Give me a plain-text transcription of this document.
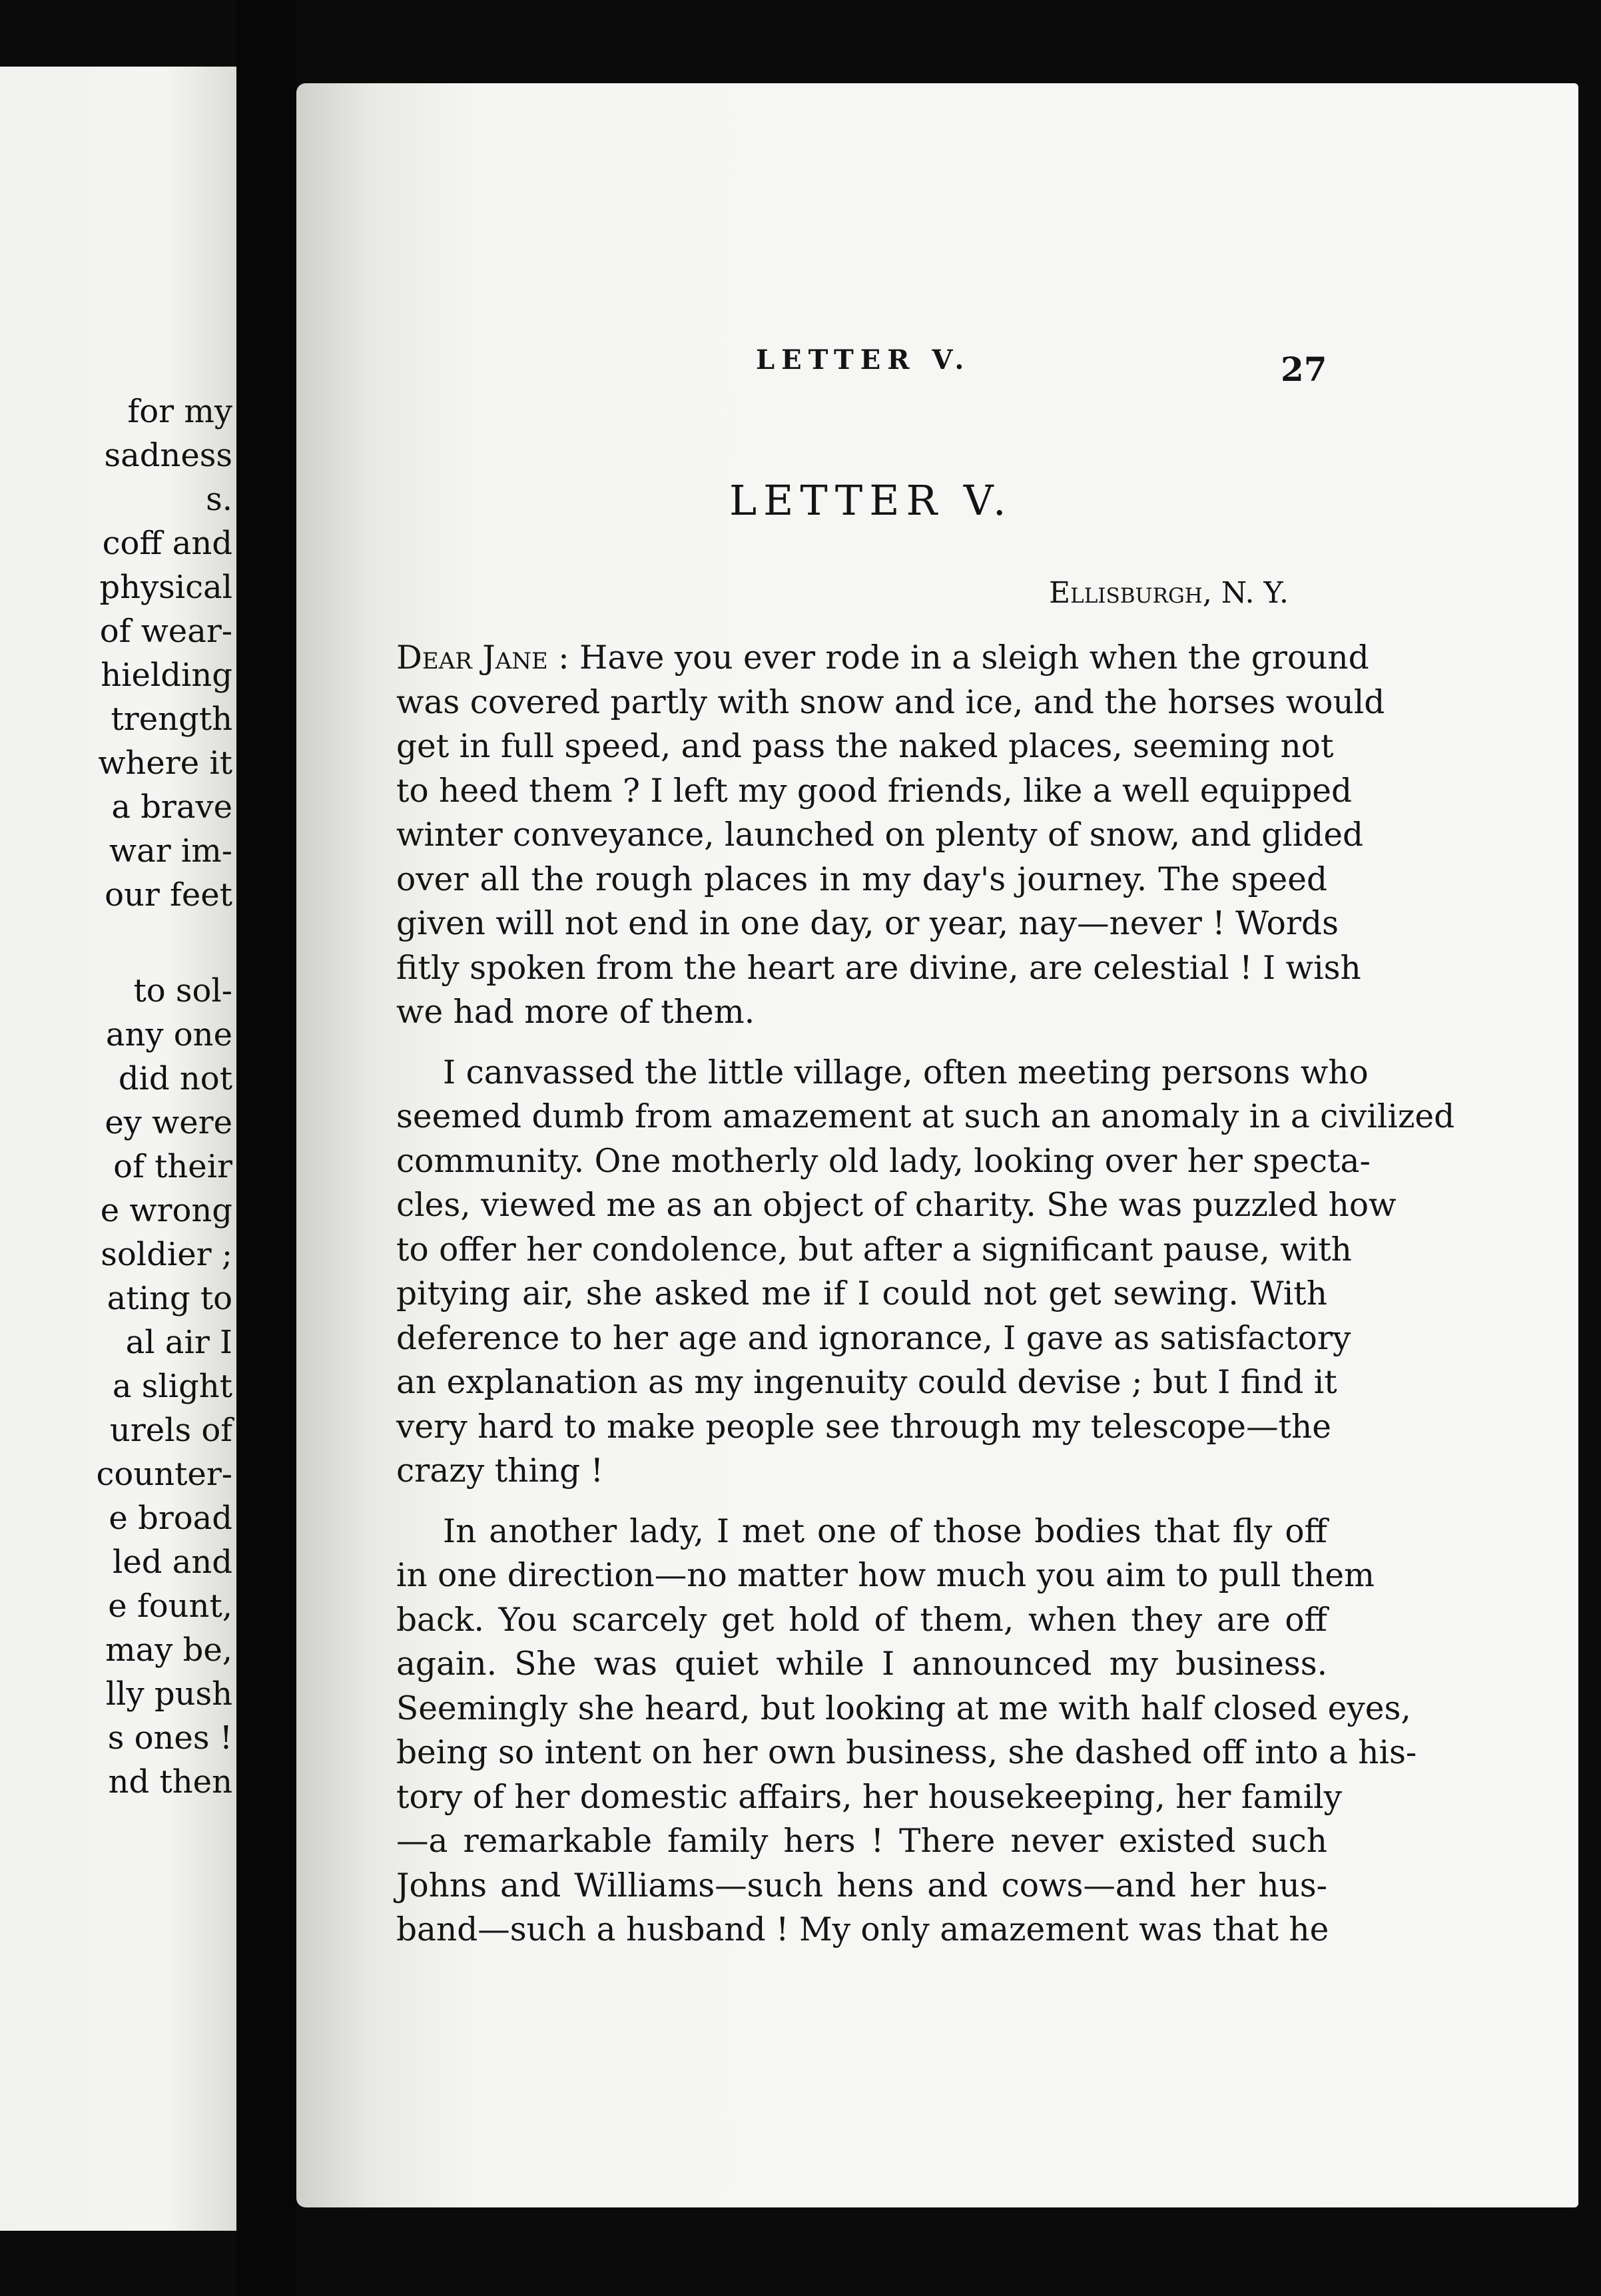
for my

sadness

s.

coff and

physical

of wear-

hielding

trength

where it

a brave

war im-

our feet

to sol-

any one

did not

ey were

of their

e wrong

soldier ;

ating to

al air I

a slight

urels of

counter-

e broad

led and

e fount,

may be,

lly push

s ones !

nd then

LETTER V.	27

LETTER V.

Ellisburgh, N. Y.

Dear Jane : Have you ever rode in a sleigh when the ground
was covered partly with snow and ice, and the horses would
get in full speed, and pass the naked places, seeming not
to heed them ? I left my good friends, like a well equipped
winter conveyance, launched on plenty of snow, and glided
over all the rough places in my day's journey. The speed
given will not end in one day, or year, nay—never ! Words
fitly spoken from the heart are divine, are celestial ! I wish
we had more of them.
I canvassed the little village, often meeting persons who
seemed dumb from amazement at such an anomaly in a civilized
community. One motherly old lady, looking over her specta-
cles, viewed me as an object of charity. She was puzzled how
to offer her condolence, but after a significant pause, with
pitying air, she asked me if I could not get sewing. With
deference to her age and ignorance, I gave as satisfactory
an explanation as my ingenuity could devise ; but I find it
very hard to make people see through my telescope—the
crazy thing !
In another lady, I met one of those bodies that fly off
in one direction—no matter how much you aim to pull them
back. You scarcely get hold of them, when they are off
again. She was quiet while I announced my business.
Seemingly she heard, but looking at me with half closed eyes,
being so intent on her own business, she dashed off into a his-
tory of her domestic affairs, her housekeeping, her family
—a remarkable family hers ! There never existed such
Johns and Williams—such hens and cows—and her hus-
band—such a husband ! My only amazement was that he
